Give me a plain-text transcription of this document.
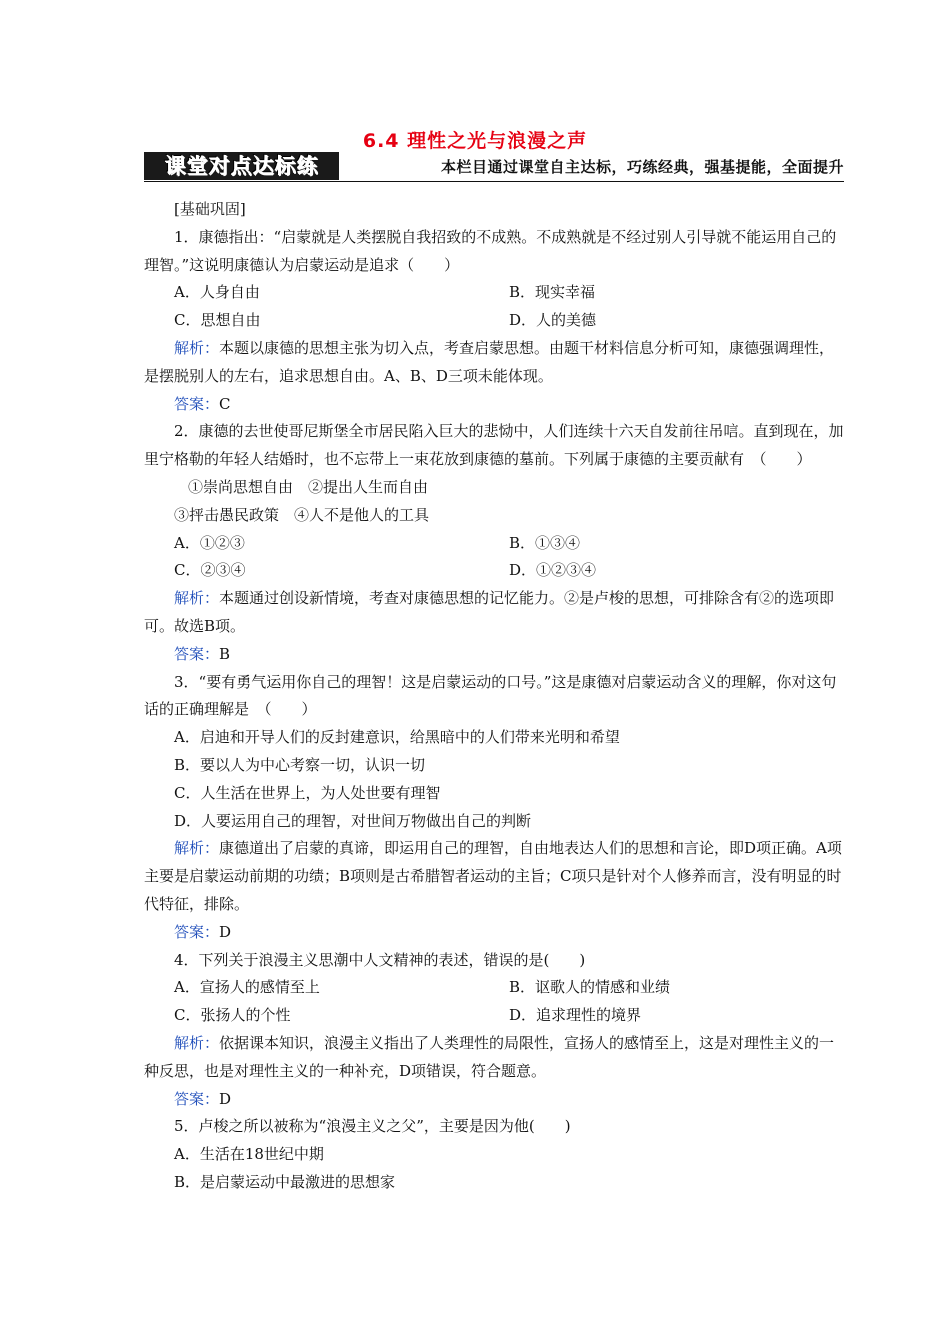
6.4 理性之光与浪漫之声
课堂对点达标练	本栏目通过课堂自主达标，巧练经典，强基提能，全面提升

[基础巩固]

1．康德指出：“启蒙就是人类摆脱自我招致的不成熟。不成熟就是不经过别人引导就不能运用自己的理智。”这说明康德认为启蒙运动是追求（　　）

A．人身自由	B．现实幸福
C．思想自由	D．人的美德

解析：本题以康德的思想主张为切入点，考查启蒙思想。由题干材料信息分析可知，康德强调理性，是摆脱别人的左右，追求思想自由。A、B、D三项未能体现。

答案：C

2．康德的去世使哥尼斯堡全市居民陷入巨大的悲恸中，人们连续十六天自发前往吊唁。直到现在，加里宁格勒的年轻人结婚时，也不忘带上一束花放到康德的墓前。下列属于康德的主要贡献有　（　　）

①崇尚思想自由　②提出人生而自由

③抨击愚民政策　④人不是他人的工具

A．①②③	B．①③④
C．②③④	D．①②③④

解析：本题通过创设新情境，考查对康德思想的记忆能力。②是卢梭的思想，可排除含有②的选项即可。故选B项。

答案：B

3．“要有勇气运用你自己的理智！这是启蒙运动的口号。”这是康德对启蒙运动含义的理解，你对这句话的正确理解是　（　　）

A．启迪和开导人们的反封建意识，给黑暗中的人们带来光明和希望

B．要以人为中心考察一切，认识一切

C．人生活在世界上，为人处世要有理智

D．人要运用自己的理智，对世间万物做出自己的判断

解析：康德道出了启蒙的真谛，即运用自己的理智，自由地表达人们的思想和言论，即D项正确。A项主要是启蒙运动前期的功绩；B项则是古希腊智者运动的主旨；C项只是针对个人修养而言，没有明显的时代特征，排除。

答案：D

4．下列关于浪漫主义思潮中人文精神的表述，错误的是(　　)

A．宣扬人的感情至上	B．讴歌人的情感和业绩
C．张扬人的个性	D．追求理性的境界

解析：依据课本知识，浪漫主义指出了人类理性的局限性，宣扬人的感情至上，这是对理性主义的一种反思，也是对理性主义的一种补充，D项错误，符合题意。

答案：D

5．卢梭之所以被称为“浪漫主义之父”，主要是因为他(　　)

A．生活在18世纪中期

B．是启蒙运动中最激进的思想家
